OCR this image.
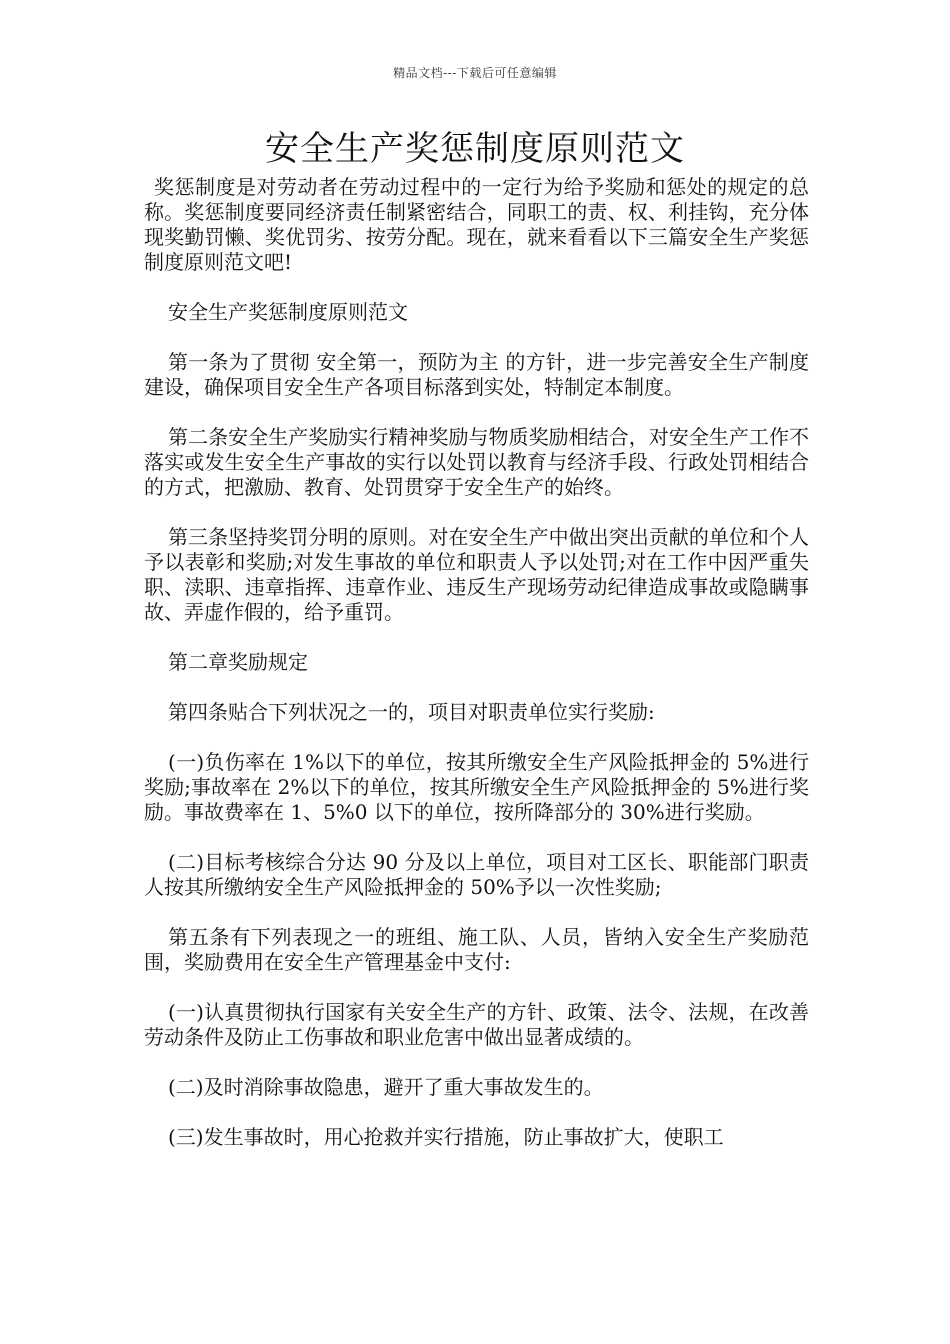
精品文档---下载后可任意编辑
安全生产奖惩制度原则范文

奖惩制度是对劳动者在劳动过程中的一定行为给予奖励和惩处的规定的总称。奖惩制度要同经济责任制紧密结合，同职工的责、权、利挂钩，充分体现奖勤罚懒、奖优罚劣、按劳分配。现在，就来看看以下三篇安全生产奖惩制度原则范文吧!

安全生产奖惩制度原则范文

第一条为了贯彻 安全第一，预防为主 的方针，进一步完善安全生产制度建设，确保项目安全生产各项目标落到实处，特制定本制度。

第二条安全生产奖励实行精神奖励与物质奖励相结合，对安全生产工作不落实或发生安全生产事故的实行以处罚以教育与经济手段、行政处罚相结合的方式，把激励、教育、处罚贯穿于安全生产的始终。

第三条坚持奖罚分明的原则。对在安全生产中做出突出贡献的单位和个人予以表彰和奖励;对发生事故的单位和职责人予以处罚;对在工作中因严重失职、渎职、违章指挥、违章作业、违反生产现场劳动纪律造成事故或隐瞒事故、弄虚作假的，给予重罚。

第二章奖励规定

第四条贴合下列状况之一的，项目对职责单位实行奖励:

(一)负伤率在 1%以下的单位，按其所缴安全生产风险抵押金的 5%进行奖励;事故率在 2%以下的单位，按其所缴安全生产风险抵押金的 5%进行奖励。事故费率在 1、5%0 以下的单位，按所降部分的 30%进行奖励。

(二)目标考核综合分达 90 分及以上单位，项目对工区长、职能部门职责人按其所缴纳安全生产风险抵押金的 50%予以一次性奖励;

第五条有下列表现之一的班组、施工队、人员，皆纳入安全生产奖励范围，奖励费用在安全生产管理基金中支付:

(一)认真贯彻执行国家有关安全生产的方针、政策、法令、法规，在改善劳动条件及防止工伤事故和职业危害中做出显著成绩的。

(二)及时消除事故隐患，避开了重大事故发生的。

(三)发生事故时，用心抢救并实行措施，防止事故扩大，使职工
